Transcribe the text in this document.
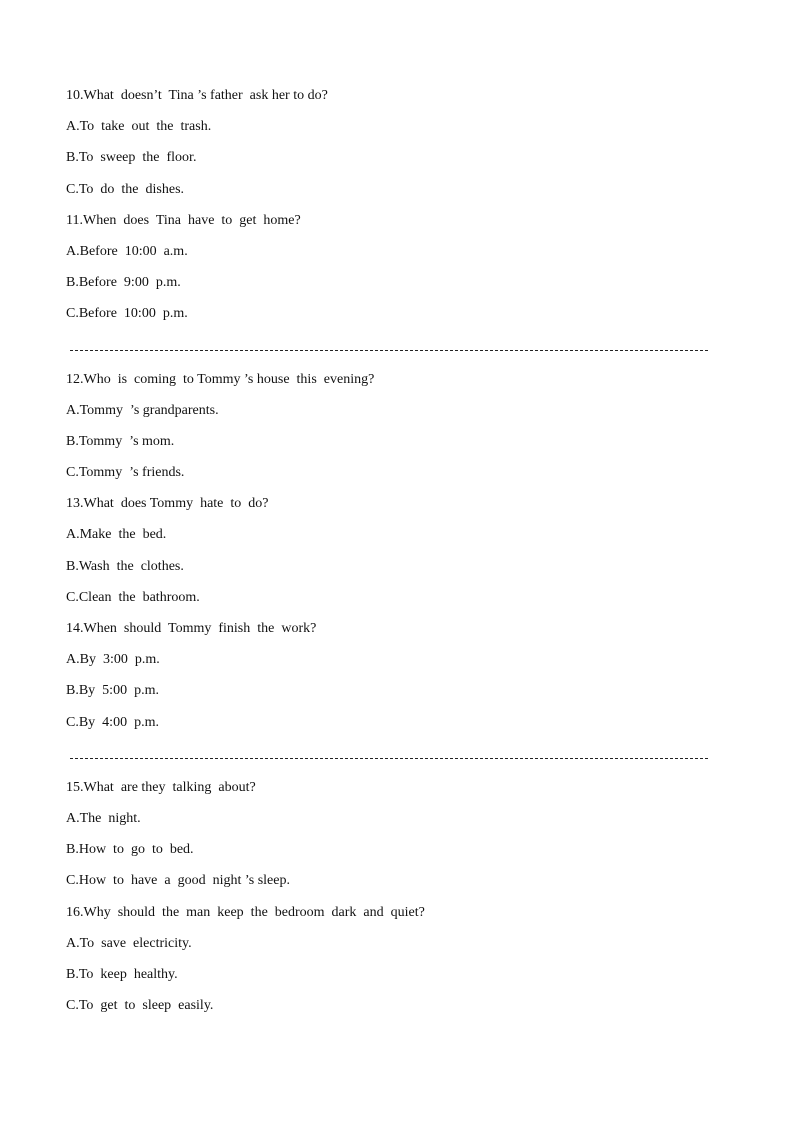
10.What  doesn’t  Tina ’s father  ask her to do?
A.To  take  out  the  trash.
B.To  sweep  the  floor.
C.To  do  the  dishes.
11.When  does  Tina  have  to  get  home?
A.Before  10:00  a.m.
B.Before  9:00  p.m.
C.Before  10:00  p.m.
12.Who  is  coming  to Tommy ’s house  this  evening?
A.Tommy  ’s grandparents.
B.Tommy  ’s mom.
C.Tommy  ’s friends.
13.What  does Tommy  hate  to  do?
A.Make  the  bed.
B.Wash  the  clothes.
C.Clean  the  bathroom.
14.When  should  Tommy  finish  the  work?
A.By  3:00  p.m.
B.By  5:00  p.m.
C.By  4:00  p.m.
15.What  are they  talking  about?
A.The  night.
B.How  to  go  to  bed.
C.How  to  have  a  good  night ’s sleep.
16.Why  should  the  man  keep  the  bedroom  dark  and  quiet?
A.To  save  electricity.
B.To  keep  healthy.
C.To  get  to  sleep  easily.
